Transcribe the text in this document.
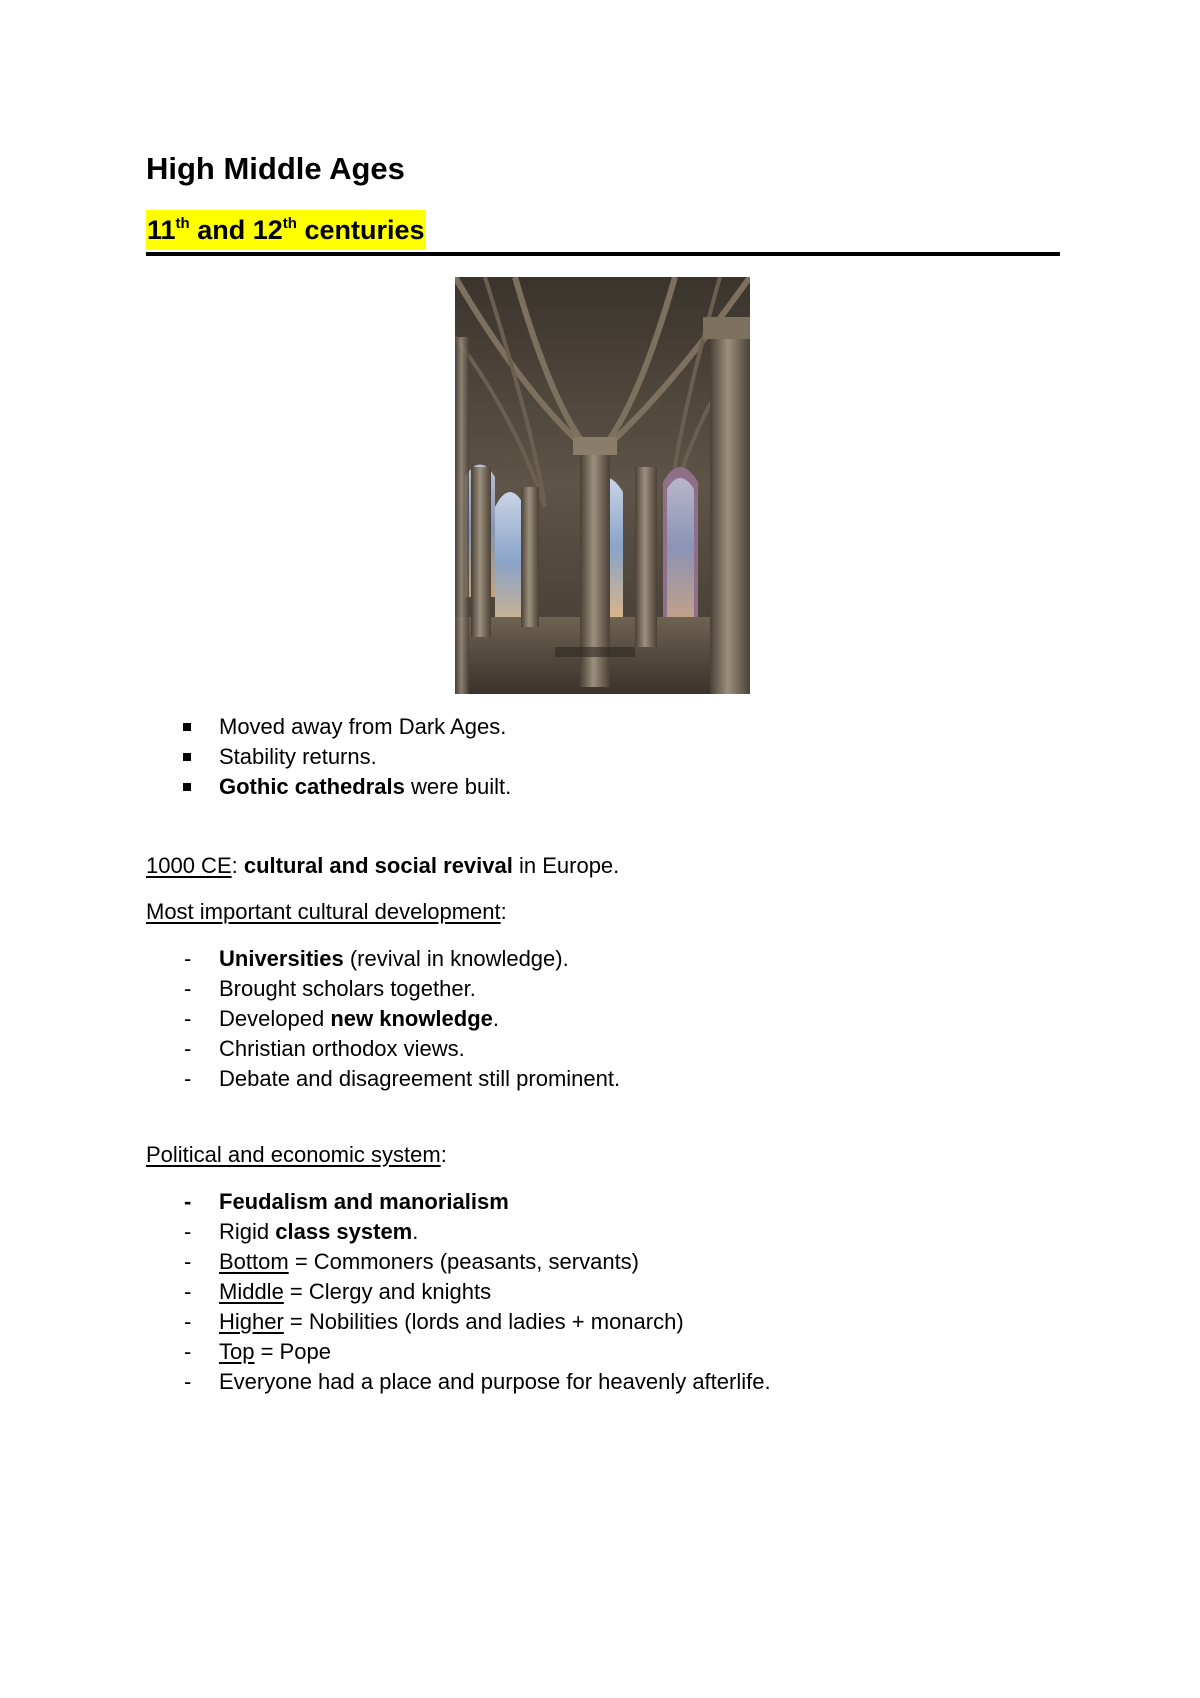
High Middle Ages
11th and 12th centuries
Moved away from Dark Ages.
Stability returns.
Gothic cathedrals were built.
1000 CE: cultural and social revival in Europe.
Most important cultural development:
- Universities (revival in knowledge).
- Brought scholars together.
- Developed new knowledge.
- Christian orthodox views.
- Debate and disagreement still prominent.
Political and economic system:
- Feudalism and manorialism
- Rigid class system.
- Bottom = Commoners (peasants, servants)
- Middle = Clergy and knights
- Higher = Nobilities (lords and ladies + monarch)
- Top = Pope
- Everyone had a place and purpose for heavenly afterlife.
